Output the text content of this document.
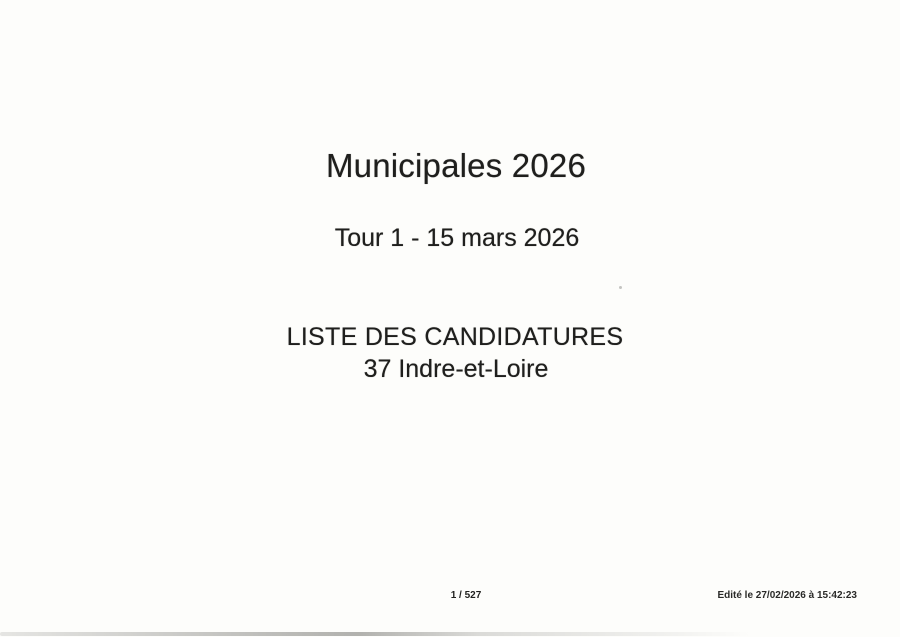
Municipales 2026
Tour 1 - 15 mars 2026
LISTE DES CANDIDATURES
37 Indre-et-Loire
1 / 527	Edité le 27/02/2026 à 15:42:23
